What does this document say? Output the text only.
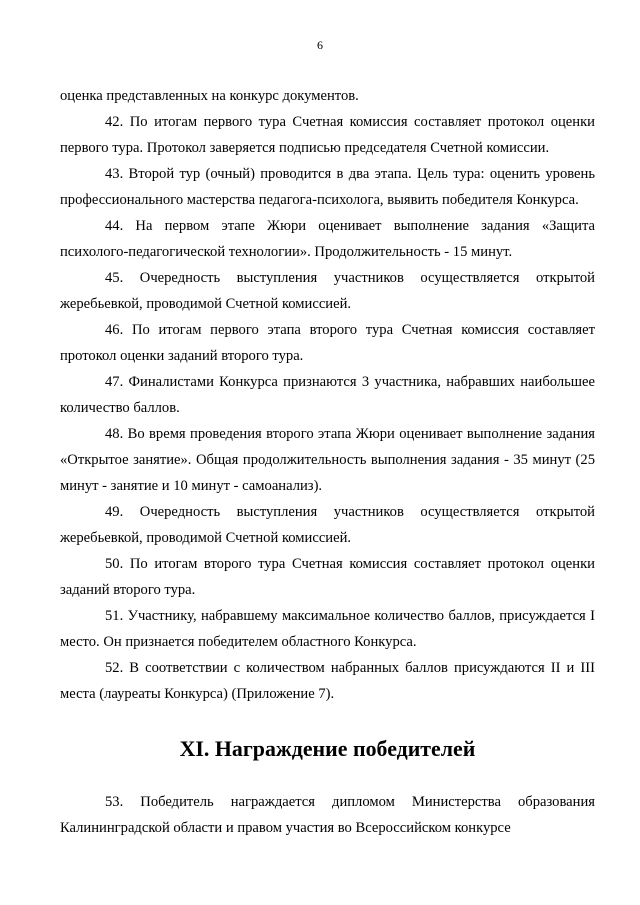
6

оценка представленных на конкурс документов.

42. По итогам первого тура Счетная комиссия составляет протокол оценки первого тура. Протокол заверяется подписью председателя Счетной комиссии.

43. Второй тур (очный) проводится в два этапа. Цель тура: оценить уровень профессионального мастерства педагога-психолога, выявить победителя Конкурса.

44. На первом этапе Жюри оценивает выполнение задания «Защита психолого-педагогической технологии». Продолжительность - 15 минут.

45. Очередность выступления участников осуществляется открытой жеребьевкой, проводимой Счетной комиссией.

46. По итогам первого этапа второго тура Счетная комиссия составляет протокол оценки заданий второго тура.

47. Финалистами Конкурса признаются 3 участника, набравших наибольшее количество баллов.

48. Во время проведения второго этапа Жюри оценивает выполнение задания «Открытое занятие». Общая продолжительность выполнения задания - 35 минут (25 минут - занятие и 10 минут - самоанализ).

49. Очередность выступления участников осуществляется открытой жеребьевкой, проводимой Счетной комиссией.

50. По итогам второго тура Счетная комиссия составляет протокол оценки заданий второго тура.

51. Участнику, набравшему максимальное количество баллов, присуждается I место. Он признается победителем областного Конкурса.

52. В соответствии с количеством набранных баллов присуждаются II и III места (лауреаты Конкурса) (Приложение 7).

XI. Награждение победителей

53. Победитель награждается дипломом Министерства образования Калининградской области и правом участия во Всероссийском конкурсе
